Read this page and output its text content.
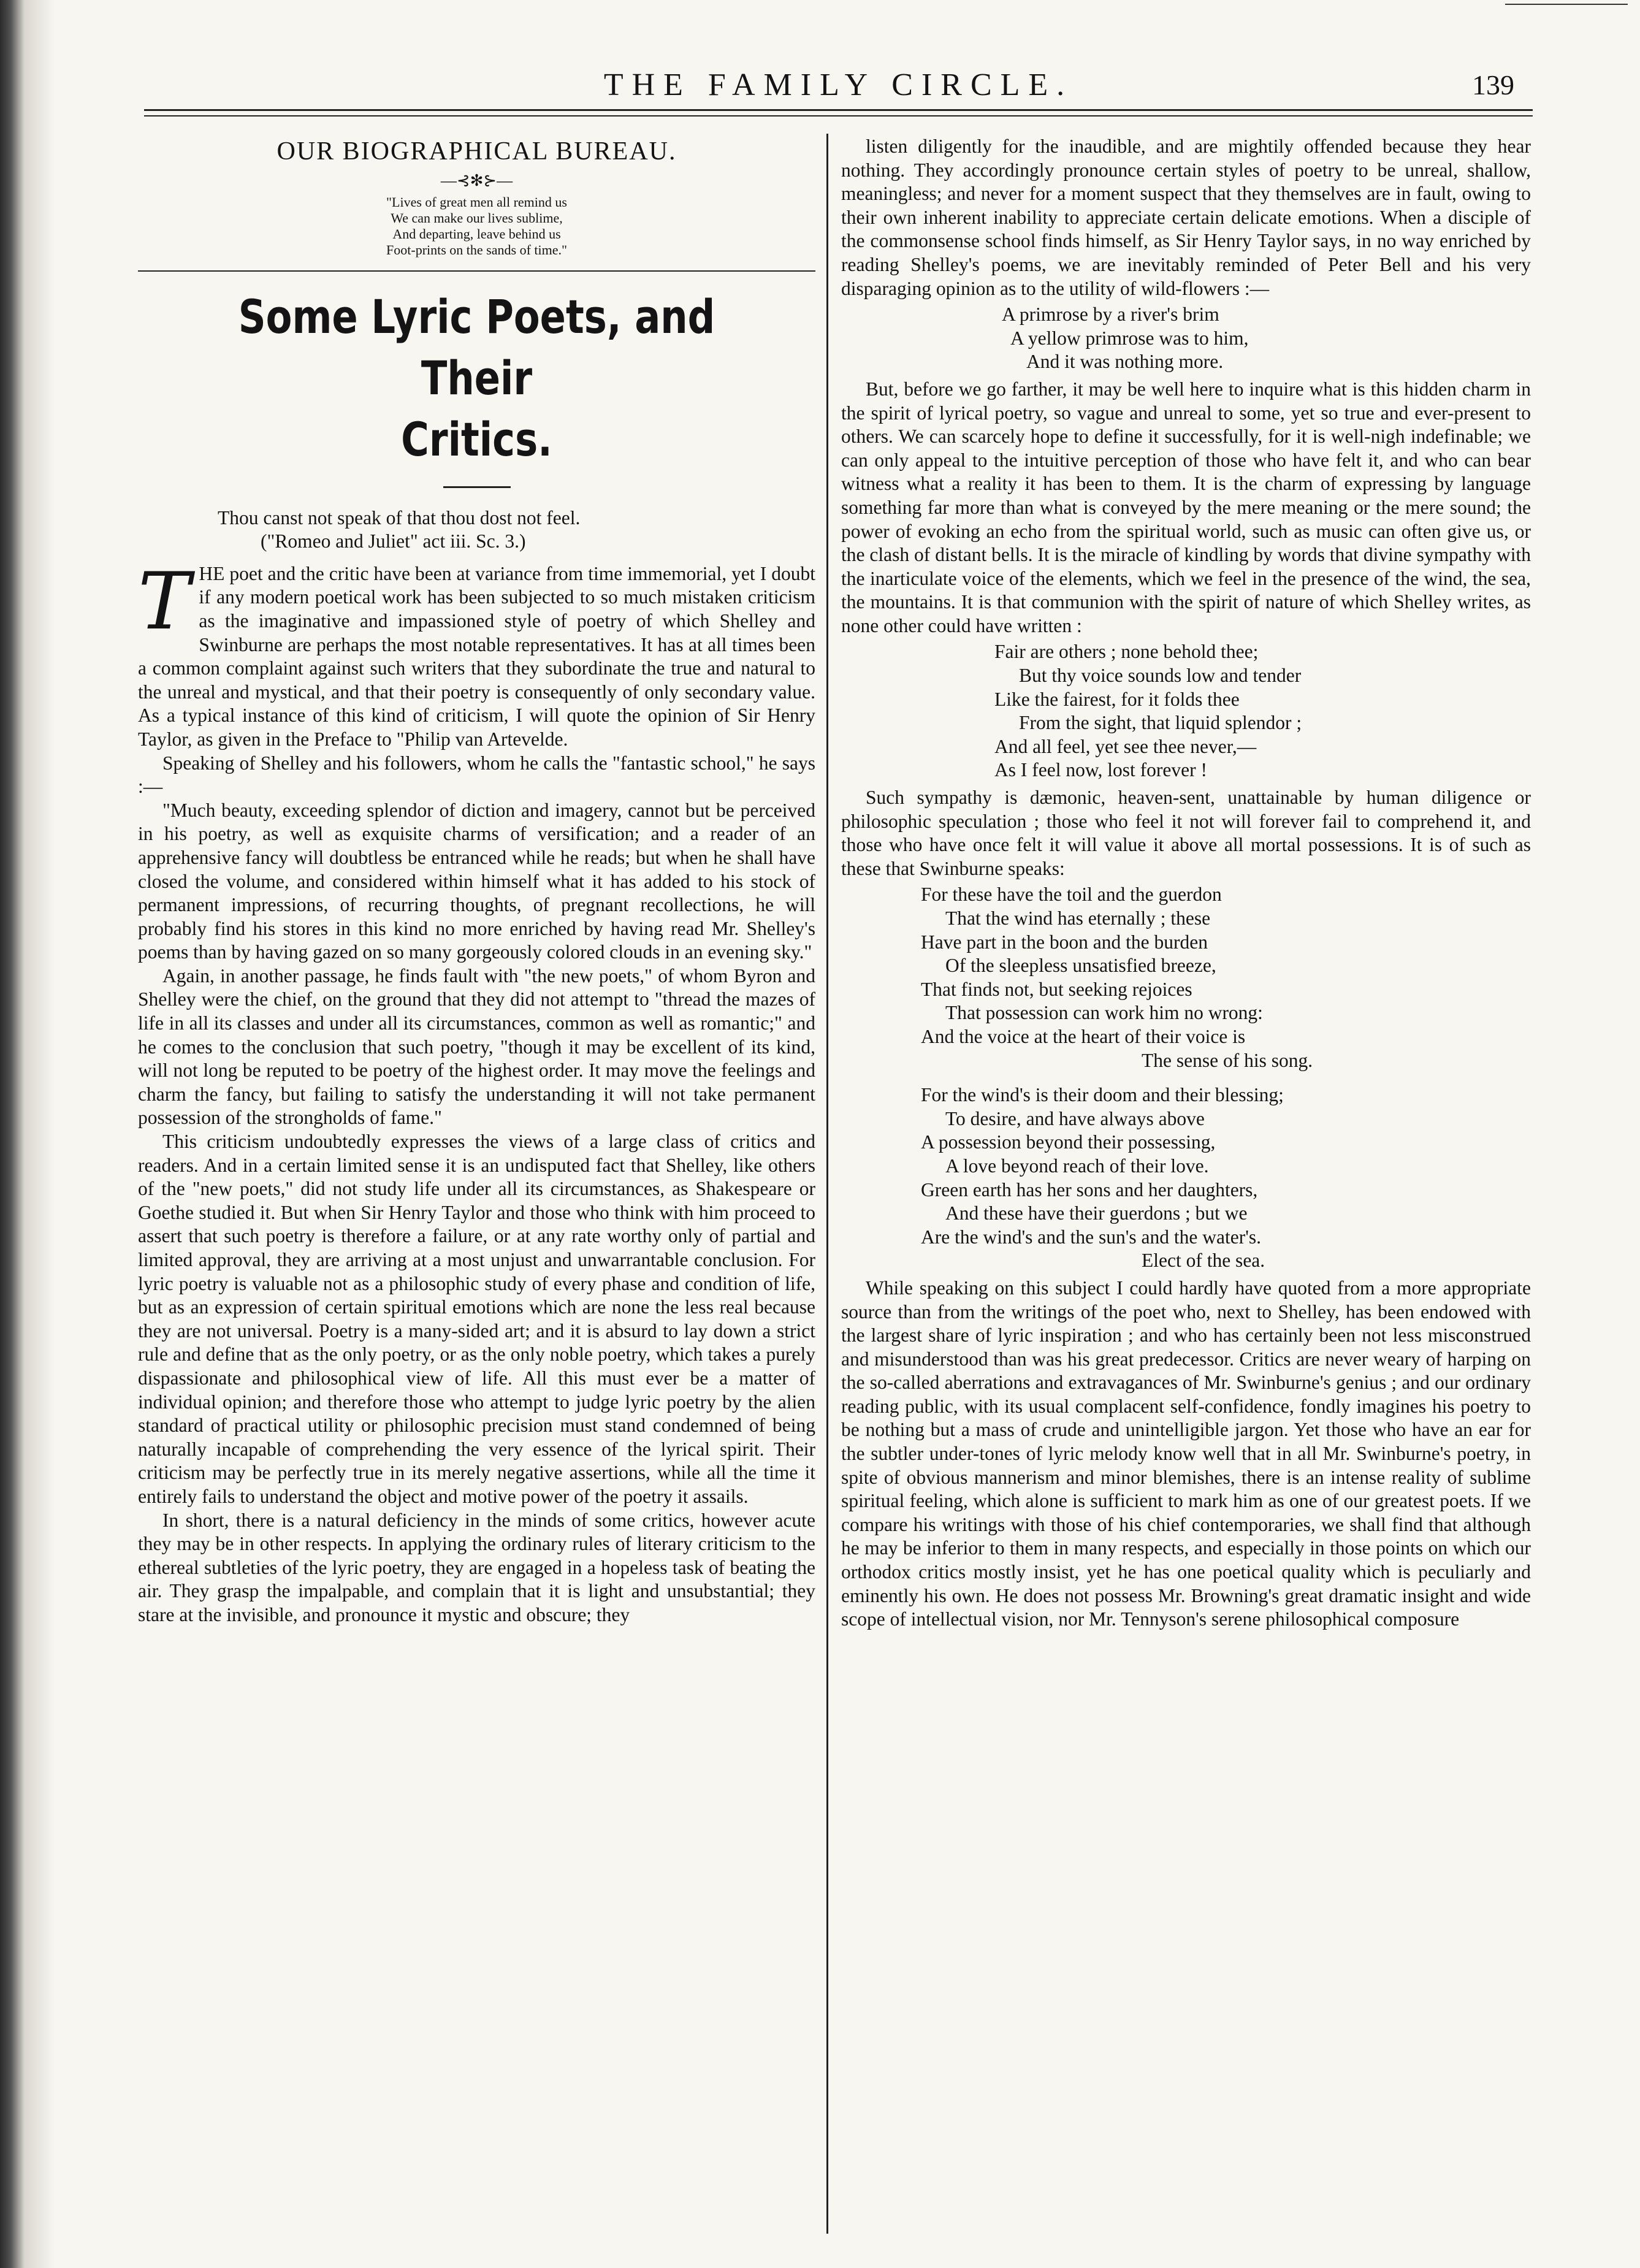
THE FAMILY CIRCLE.	139
OUR BIOGRAPHICAL BUREAU.
—⊰✻⊱—
"Lives of great men all remind us
We can make our lives sublime,
And departing, leave behind us
Foot-prints on the sands of time."
Some Lyric Poets, and Their
Critics.
Thou canst not speak of that thou dost not feel.
("Romeo and Juliet" act iii. Sc. 3.)

THE poet and the critic have been at variance from time immemorial, yet I doubt if any modern poetical work has been subjected to so much mistaken criticism as the imaginative and impassioned style of poetry of which Shelley and Swinburne are perhaps the most notable representatives. It has at all times been a common complaint against such writers that they subordinate the true and natural to the unreal and mystical, and that their poetry is consequently of only secondary value. As a typical instance of this kind of criticism, I will quote the opinion of Sir Henry Taylor, as given in the Preface to "Philip van Artevelde.

Speaking of Shelley and his followers, whom he calls the "fantastic school," he says :—

"Much beauty, exceeding splendor of diction and imagery, cannot but be perceived in his poetry, as well as exquisite charms of versification; and a reader of an apprehensive fancy will doubtless be entranced while he reads; but when he shall have closed the volume, and considered within himself what it has added to his stock of permanent impressions, of recurring thoughts, of pregnant recollections, he will probably find his stores in this kind no more enriched by having read Mr. Shelley's poems than by having gazed on so many gorgeously colored clouds in an evening sky."

Again, in another passage, he finds fault with "the new poets," of whom Byron and Shelley were the chief, on the ground that they did not attempt to "thread the mazes of life in all its classes and under all its circumstances, common as well as romantic;" and he comes to the conclusion that such poetry, "though it may be excellent of its kind, will not long be reputed to be poetry of the highest order. It may move the feelings and charm the fancy, but failing to satisfy the understanding it will not take permanent possession of the strongholds of fame."

This criticism undoubtedly expresses the views of a large class of critics and readers. And in a certain limited sense it is an undisputed fact that Shelley, like others of the "new poets," did not study life under all its circumstances, as Shakespeare or Goethe studied it. But when Sir Henry Taylor and those who think with him proceed to assert that such poetry is therefore a failure, or at any rate worthy only of partial and limited approval, they are arriving at a most unjust and unwarrantable conclusion. For lyric poetry is valuable not as a philosophic study of every phase and condition of life, but as an expression of certain spiritual emotions which are none the less real because they are not universal. Poetry is a many-sided art; and it is absurd to lay down a strict rule and define that as the only poetry, or as the only noble poetry, which takes a purely dispassionate and philosophical view of life. All this must ever be a matter of individual opinion; and therefore those who attempt to judge lyric poetry by the alien standard of practical utility or philosophic precision must stand condemned of being naturally incapable of comprehending the very essence of the lyrical spirit. Their criticism may be perfectly true in its merely negative assertions, while all the time it entirely fails to understand the object and motive power of the poetry it assails.

In short, there is a natural deficiency in the minds of some critics, however acute they may be in other respects. In applying the ordinary rules of literary criticism to the ethereal subtleties of the lyric poetry, they are engaged in a hopeless task of beating the air. They grasp the impalpable, and complain that it is light and unsubstantial; they stare at the invisible, and pronounce it mystic and obscure; they

listen diligently for the inaudible, and are mightily offended because they hear nothing. They accordingly pronounce certain styles of poetry to be unreal, shallow, meaningless; and never for a moment suspect that they themselves are in fault, owing to their own inherent inability to appreciate certain delicate emotions. When a disciple of the commonsense school finds himself, as Sir Henry Taylor says, in no way enriched by reading Shelley's poems, we are inevitably reminded of Peter Bell and his very disparaging opinion as to the utility of wild-flowers :—

A primrose by a river's brim
A yellow primrose was to him,
And it was nothing more.

But, before we go farther, it may be well here to inquire what is this hidden charm in the spirit of lyrical poetry, so vague and unreal to some, yet so true and ever-present to others. We can scarcely hope to define it successfully, for it is well-nigh indefinable; we can only appeal to the intuitive perception of those who have felt it, and who can bear witness what a reality it has been to them. It is the charm of expressing by language something far more than what is conveyed by the mere meaning or the mere sound; the power of evoking an echo from the spiritual world, such as music can often give us, or the clash of distant bells. It is the miracle of kindling by words that divine sympathy with the inarticulate voice of the elements, which we feel in the presence of the wind, the sea, the mountains. It is that communion with the spirit of nature of which Shelley writes, as none other could have written :

Fair are others ; none behold thee;
But thy voice sounds low and tender
Like the fairest, for it folds thee
From the sight, that liquid splendor ;
And all feel, yet see thee never,—
As I feel now, lost forever !

Such sympathy is dæmonic, heaven-sent, unattainable by human diligence or philosophic speculation ; those who feel it not will forever fail to comprehend it, and those who have once felt it will value it above all mortal possessions. It is of such as these that Swinburne speaks:

For these have the toil and the guerdon
That the wind has eternally ; these
Have part in the boon and the burden
Of the sleepless unsatisfied breeze,
That finds not, but seeking rejoices
That possession can work him no wrong:
And the voice at the heart of their voice is
The sense of his song.
For the wind's is their doom and their blessing;
To desire, and have always above
A possession beyond their possessing,
A love beyond reach of their love.
Green earth has her sons and her daughters,
And these have their guerdons ; but we
Are the wind's and the sun's and the water's.
Elect of the sea.

While speaking on this subject I could hardly have quoted from a more appropriate source than from the writings of the poet who, next to Shelley, has been endowed with the largest share of lyric inspiration ; and who has certainly been not less misconstrued and misunderstood than was his great predecessor. Critics are never weary of harping on the so-called aberrations and extravagances of Mr. Swinburne's genius ; and our ordinary reading public, with its usual complacent self-confidence, fondly imagines his poetry to be nothing but a mass of crude and unintelligible jargon. Yet those who have an ear for the subtler under-tones of lyric melody know well that in all Mr. Swinburne's poetry, in spite of obvious mannerism and minor blemishes, there is an intense reality of sublime spiritual feeling, which alone is sufficient to mark him as one of our greatest poets. If we compare his writings with those of his chief contemporaries, we shall find that although he may be inferior to them in many respects, and especially in those points on which our orthodox critics mostly insist, yet he has one poetical quality which is peculiarly and eminently his own. He does not possess Mr. Browning's great dramatic insight and wide scope of intellectual vision, nor Mr. Tennyson's serene philosophical composure
